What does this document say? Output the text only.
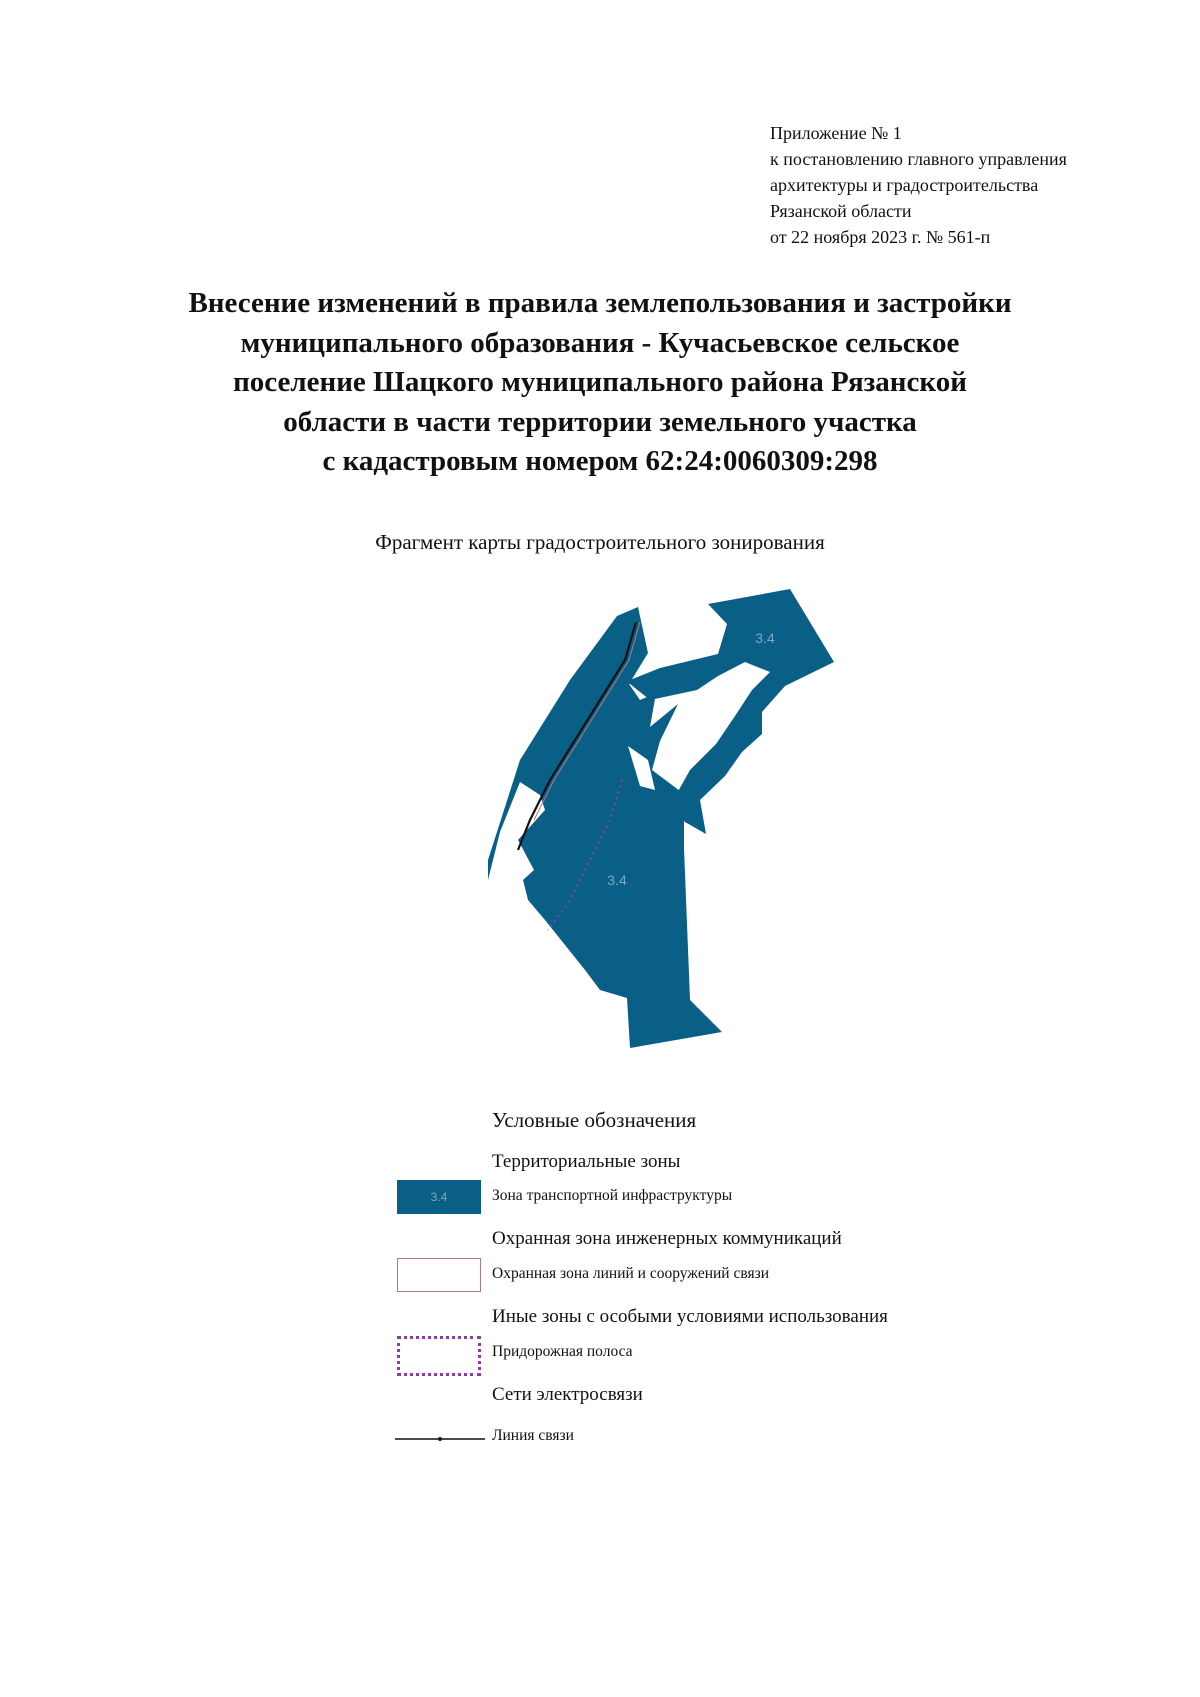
Приложение № 1
к постановлению главного управления
архитектуры и градостроительства
Рязанской области
от 22 ноября 2023 г. № 561-п
Внесение изменений в правила землепользования и застройки
муниципального образования - Кучасьевское сельское
поселение Шацкого муниципального района Рязанской
области в части территории земельного участка
с кадастровым номером 62:24:0060309:298
Фрагмент карты градостроительного зонирования
3.4
3.4
Условные обозначения
Территориальные зоны
3.4	Зона транспортной инфраструктуры
Охранная зона инженерных коммуникаций
Охранная зона линий и сооружений связи
Иные зоны с особыми условиями использования
Придорожная полоса
Сети электросвязи
Линия связи
